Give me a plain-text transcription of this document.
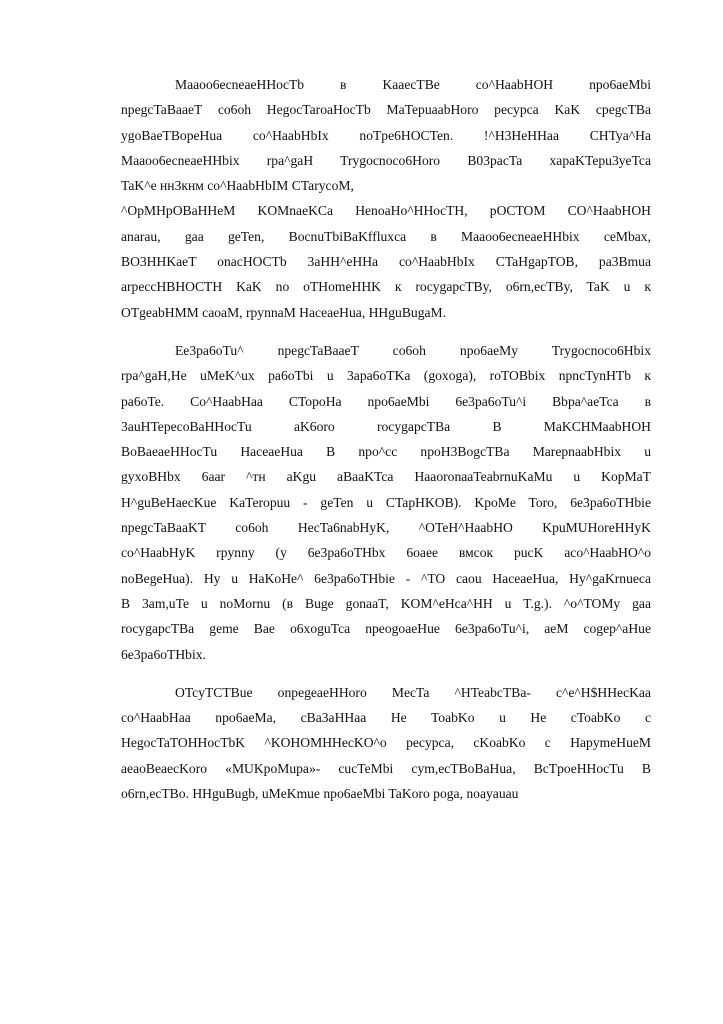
Маaoo6ecneaeHHocTb в KaaecTBe co^HaabHOH npo6aeMbi
npegcTaBaaeT co6oh HegocTaroaHocTb MaTepuaabHoro pecypca KaK cpegcTBa
ygoBaeTBopeHua co^HaabHbIx noTpe6HOCTen. !^H3HeHHaa CHTya^Ha
Маaoo6ecneaeHHbix rpa^gaH Trygocnoco6Horo B03pacTa xapaKTepu3yeTca
TaK^e нн3кнм co^HaabHbIM CTarycoM,
^OpMHpOBaHHeM KOMnaeKCa HenoaHo^HHocTH, pOCTOM CO^HaabHOH
anarau, gaa geTen, BocnuTbiBaKffluxca в Маaoo6ecneaeHHbix ceMbax,
BO3HHKaeT onacHOCTb 3aHH^eHHa co^HaabHbIx CTaHgapTOB, pa3Bmua
arpeccHBHOCTH KaK no oTHomeHHK к rocygapcTBy, o6rn,ecTBy, TaK u к
OTgeabHMM caoaM, rpynnaM HaceaeHua, HHguBugaM.
Ee3pa6oTu^ npegcTaBaaeT co6oh npo6aeMy Trygocnoco6Hbix
rpa^gaH,He uMeK^ux pa6oTbi u 3apa6oTKa (goxoga), roTOBbix npncTynHTb к
pa6oTe. Co^HaabHaa CTopoHa npo6aeMbi 6e3pa6oTu^i Bbpa^aeTca в
3auHTepecoBaHHocTu aK6oro rocygapcTBa B MaKCHMaabHOH
BoBaeaeHHocTu HaceaeHua B npo^cc npoH3BogcTBa MarepnaabHbix u
gyxoBHbx 6aar ^тн aKgu aBaaKTca HaaoronaaTeabrnuKaMu u KopMaT
H^guBeHaecKue KaTeropuu - geTen u CTapHKOB). KpoMe Toro, 6e3pa6oTHbie
npegcTaBaaKT co6oh HecTa6nabHyK, ^OTeH^HaabHO KpuMUHoreHHyK
co^HaabHyK rpynny (y 6e3pa6oTHbx 6oaee вмсок pucK aco^HaabHO^o
noBegeHua). Hy u HaKoHe^ 6e3pa6oTHbie - ^TO caou HaceaeHua, Hy^gaKrnueca
B 3am,uTe u noMornu (в Buge gonaaT, KOM^eHca^HH u T.g.). ^o^TOMy gaa
rocygapcTBa geme Bae o6xoguTca npeogoaeHue 6e3pa6oTu^i, aeM cogep^aHue
6e3pa6oTHbix.
OTcyTCTBue onpegeaeHHoro MecTa ^HTeabcTBa- c^e^H$HHecKaa
co^HaabHaa npo6aeMa, cBa3aHHaa He ToabKo u He cToabKo c
HegocTaTOHHocTbK ^KOHOMHHecKO^o pecypca, cKoabKo c HapymeHueM
aeaoBeaecKoro «MUKpoMupa»- cucTeMbi cym,ecTBoBaHua, BcTpoeHHocTu B
o6rn,ecTBo. HHguBugb, uMeKmue npo6aeMbi TaKoro poga, noayauau
